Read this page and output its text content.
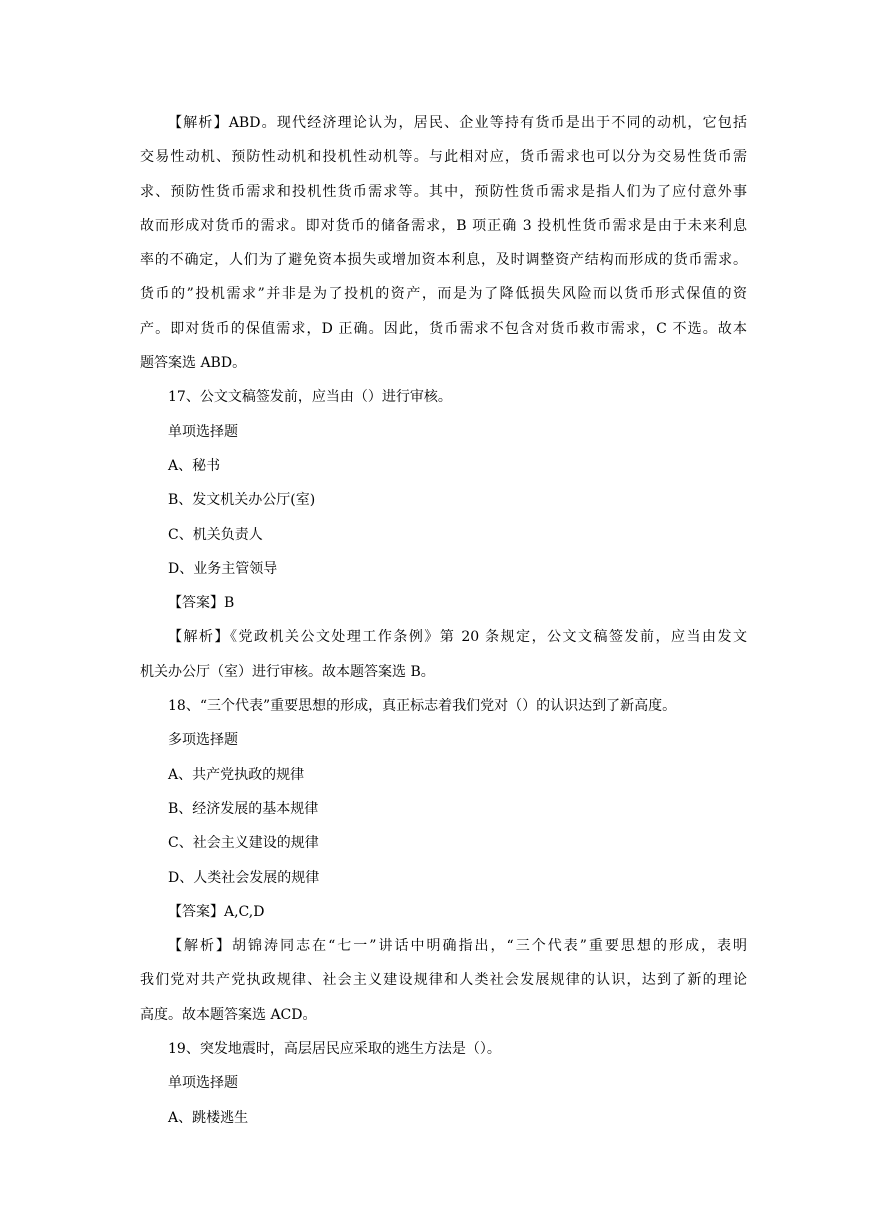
【解析】ABD。现代经济理论认为，居民、企业等持有货币是出于不同的动机，它包括
交易性动机、预防性动机和投机性动机等。与此相对应，货币需求也可以分为交易性货币需
求、预防性货币需求和投机性货币需求等。其中，预防性货币需求是指人们为了应付意外事
故而形成对货币的需求。即对货币的储备需求，B 项正确 3 投机性货币需求是由于未来利息
率的不确定，人们为了避免资本损失或增加资本利息，及时调整资产结构而形成的货币需求。
货币的”投机需求”并非是为了投机的资产，而是为了降低损失风险而以货币形式保值的资
产。即对货币的保值需求，D 正确。因此，货币需求不包含对货币救市需求，C 不选。故本
题答案选 ABD。
17、公文文稿签发前，应当由（）进行审核。
单项选择题
A、秘书
B、发文机关办公厅(室)
C、机关负责人
D、业务主管领导
【答案】B
【解析】《党政机关公文处理工作条例》第 20 条规定，公文文稿签发前，应当由发文
机关办公厅（室）进行审核。故本题答案选 B。
18、“三个代表”重要思想的形成，真正标志着我们党对（）的认识达到了新高度。
多项选择题
A、共产党执政的规律
B、经济发展的基本规律
C、社会主义建设的规律
D、人类社会发展的规律
【答案】A,C,D
【解析】胡锦涛同志在“七一”讲话中明确指出，“三个代表”重要思想的形成，表明
我们党对共产党执政规律、社会主义建设规律和人类社会发展规律的认识，达到了新的理论
高度。故本题答案选 ACD。
19、突发地震时，高层居民应采取的逃生方法是（）。
单项选择题
A、跳楼逃生
